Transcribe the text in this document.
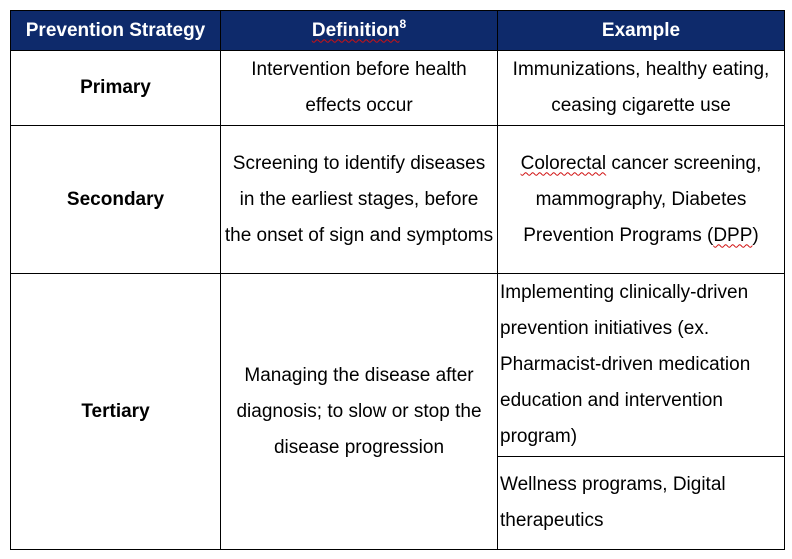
Prevention Strategy	Definition$^8$	Example
Primary	Intervention before health effects occur	Immunizations, healthy eating, ceasing cigarette use
Secondary	Screening to identify diseases in the earliest stages, before the onset of sign and symptoms	Colorectal cancer screening, mammography, Diabetes Prevention Programs (DPP)
Tertiary	Managing the disease after diagnosis; to slow or stop the disease progression	Implementing clinically-driven prevention initiatives (ex. Pharmacist-driven medication education and intervention program)
		Wellness programs, Digital therapeutics
